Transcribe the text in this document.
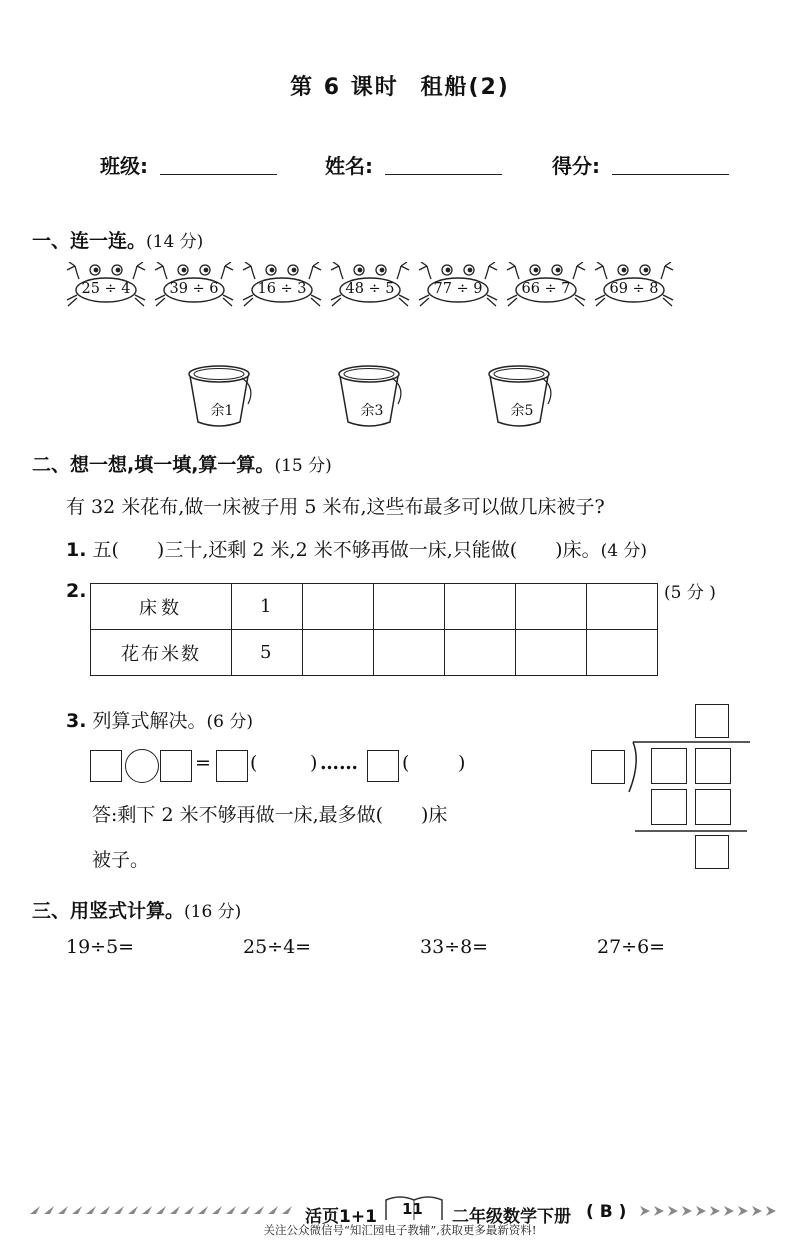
第 6 课时 租船(2)
班级:	姓名:	得分:
一、连一连。(14 分)
25 ÷ 4	39 ÷ 6	16 ÷ 3	48 ÷ 5	77 ÷ 9	66 ÷ 7	69 ÷ 8
余1	余3	余5
二、想一想,填一填,算一算。(15 分)
有 32 米花布,做一床被子用 5 米布,这些布最多可以做几床被子?
1. 五(　　)三十,还剩 2 米,2 米不够再做一床,只能做(　　)床。(4 分)
2.
床数	1					
花布米数	5					
(5 分 )
3. 列算式解决。(6 分)
= (	) …… (	)
答:剩下 2 米不够再做一床,最多做(　　)床
被子。
三、用竖式计算。(16 分)
19÷5=	25÷4=	33÷8=	27÷6=
活页1+1 11 二年级数学下册 ( B )
关注公众微信号“知汇园电子教辅”,获取更多最新资料!
